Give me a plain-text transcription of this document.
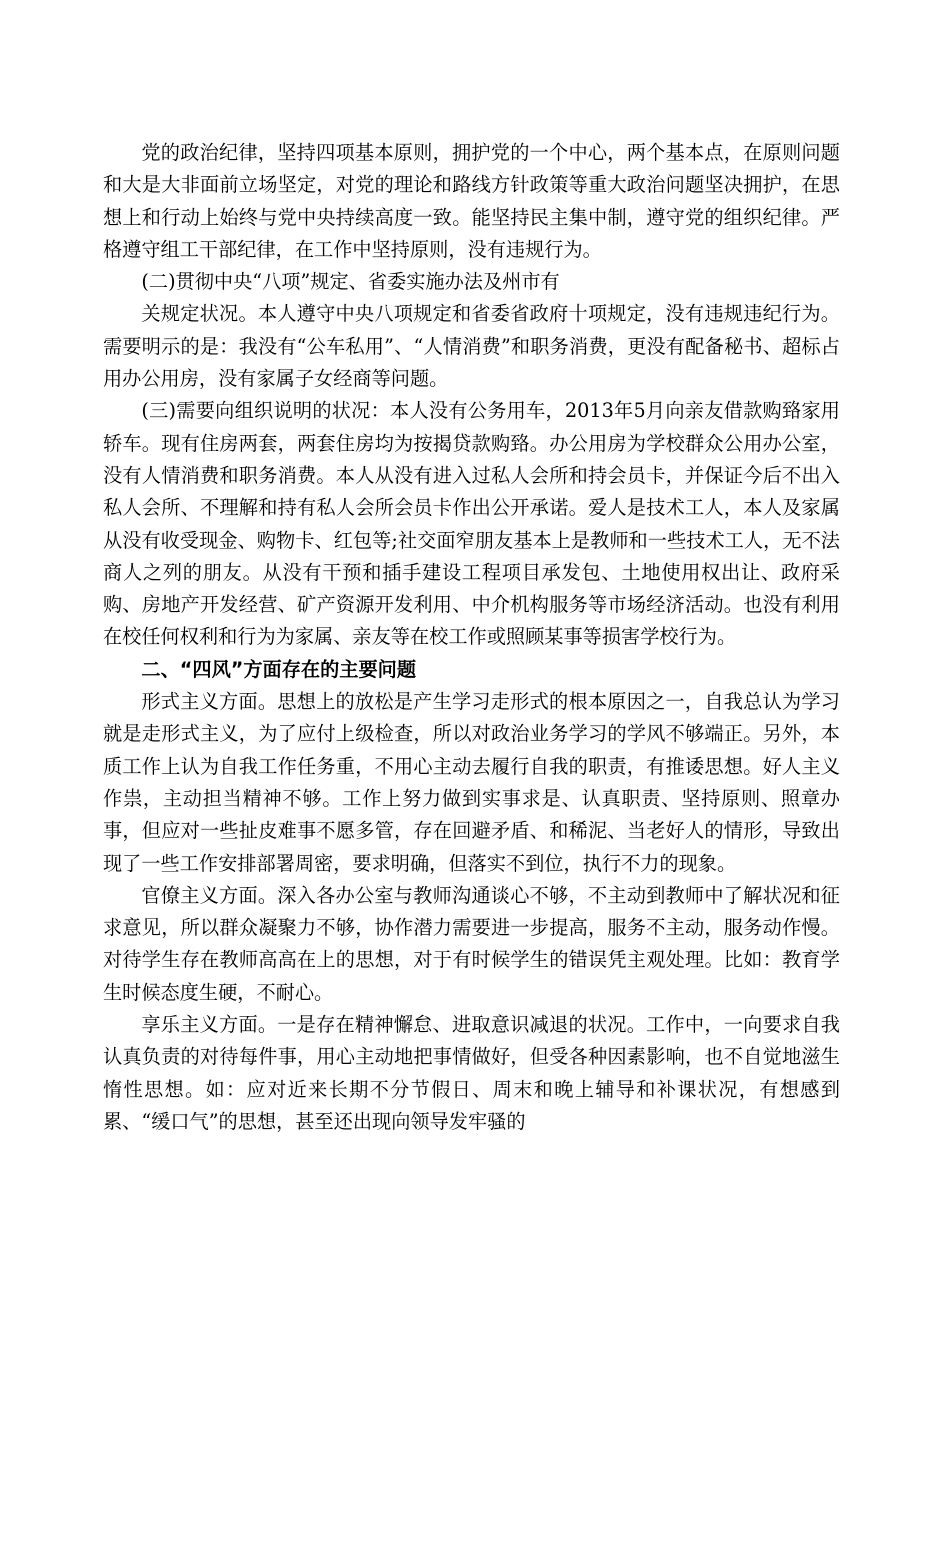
党的政治纪律，坚持四项基本原则，拥护党的一个中心，两个基本点，在原则问题和大是大非面前立场坚定，对党的理论和路线方针政策等重大政治问题坚决拥护，在思想上和行动上始终与党中央持续高度一致。能坚持民主集中制，遵守党的组织纪律。严格遵守组工干部纪律，在工作中坚持原则，没有违规行为。

(二)贯彻中央“八项”规定、省委实施办法及州市有

关规定状况。本人遵守中央八项规定和省委省政府十项规定，没有违规违纪行为。需要明示的是：我没有“公车私用”、“人情消费”和职务消费，更没有配备秘书、超标占用办公用房，没有家属子女经商等问题。

(三)需要向组织说明的状况：本人没有公务用车，2013年5月向亲友借款购臵家用轿车。现有住房两套，两套住房均为按揭贷款购臵。办公用房为学校群众公用办公室，没有人情消费和职务消费。本人从没有进入过私人会所和持会员卡，并保证今后不出入私人会所、不理解和持有私人会所会员卡作出公开承诺。爱人是技术工人，本人及家属从没有收受现金、购物卡、红包等;社交面窄朋友基本上是教师和一些技术工人，无不法商人之列的朋友。从没有干预和插手建设工程项目承发包、土地使用权出让、政府采购、房地产开发经营、矿产资源开发利用、中介机构服务等市场经济活动。也没有利用在校任何权利和行为为家属、亲友等在校工作或照顾某事等损害学校行为。

二、“四风”方面存在的主要问题

形式主义方面。思想上的放松是产生学习走形式的根本原因之一，自我总认为学习就是走形式主义，为了应付上级检查，所以对政治业务学习的学风不够端正。另外，本质工作上认为自我工作任务重，不用心主动去履行自我的职责，有推诿思想。好人主义作祟，主动担当精神不够。工作上努力做到实事求是、认真职责、坚持原则、照章办事，但应对一些扯皮难事不愿多管，存在回避矛盾、和稀泥、当老好人的情形，导致出现了一些工作安排部署周密，要求明确，但落实不到位，执行不力的现象。

官僚主义方面。深入各办公室与教师沟通谈心不够，不主动到教师中了解状况和征求意见，所以群众凝聚力不够，协作潜力需要进一步提高，服务不主动，服务动作慢。对待学生存在教师高高在上的思想，对于有时候学生的错误凭主观处理。比如：教育学生时候态度生硬，不耐心。

享乐主义方面。一是存在精神懈怠、进取意识减退的状况。工作中，一向要求自我认真负责的对待每件事，用心主动地把事情做好，但受各种因素影响，也不自觉地滋生惰性思想。如：应对近来长期不分节假日、周末和晚上辅导和补课状况，有想感到累、“缓口气”的思想，甚至还出现向领导发牢骚的
